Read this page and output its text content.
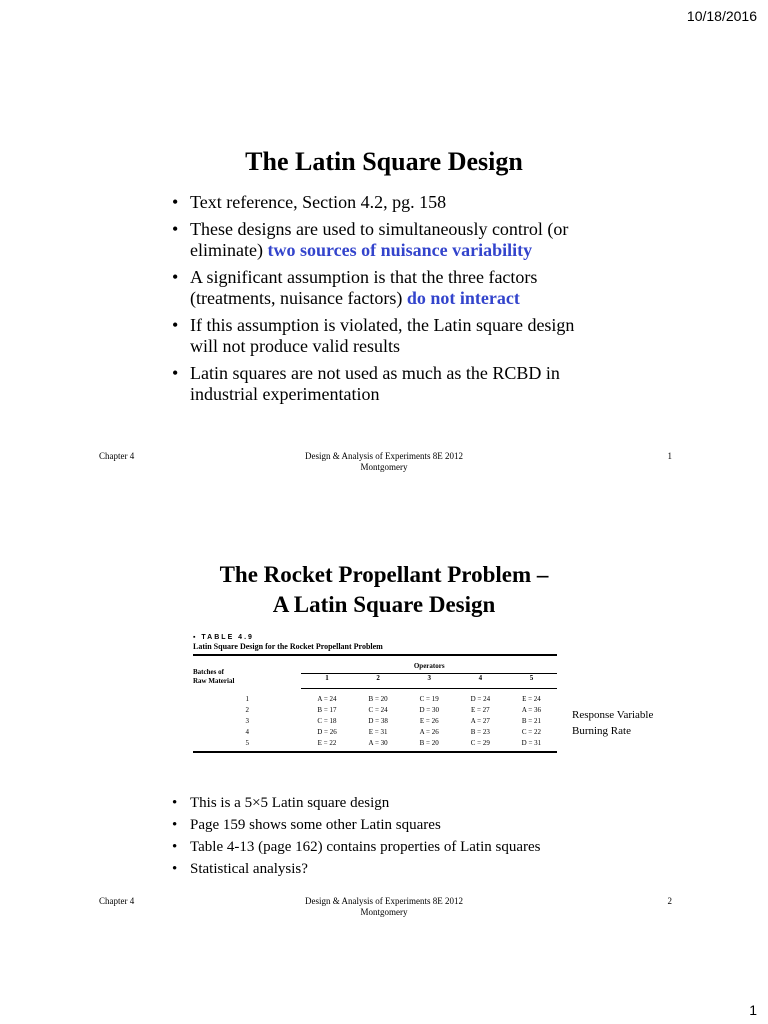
10/18/2016
The Latin Square Design
• Text reference, Section 4.2, pg. 158
• These designs are used to simultaneously control (or eliminate) two sources of nuisance variability
• A significant assumption is that the three factors (treatments, nuisance factors) do not interact
• If this assumption is violated, the Latin square design will not produce valid results
• Latin squares are not used as much as the RCBD in industrial experimentation
Chapter 4	Design & Analysis of Experiments 8E 2012
Montgomery
1
The Rocket Propellant Problem –
A Latin Square Design
▪ TABLE 4.9
Latin Square Design for the Rocket Propellant Problem
Batches of
Raw Material	Operators				
	1	2	3	4	5
1	A = 24	B = 20	C = 19	D = 24	E = 24
2	B = 17	C = 24	D = 30	E = 27	A = 36
3	C = 18	D = 38	E = 26	A = 27	B = 21
4	D = 26	E = 31	A = 26	B = 23	C = 22
5	E = 22	A = 30	B = 20	C = 29	D = 31
Response Variable
Burning Rate
• This is a 5×5 Latin square design
• Page 159 shows some other Latin squares
• Table 4-13 (page 162) contains properties of Latin squares
• Statistical analysis?
Chapter 4	Design & Analysis of Experiments 8E 2012
Montgomery
2
1
